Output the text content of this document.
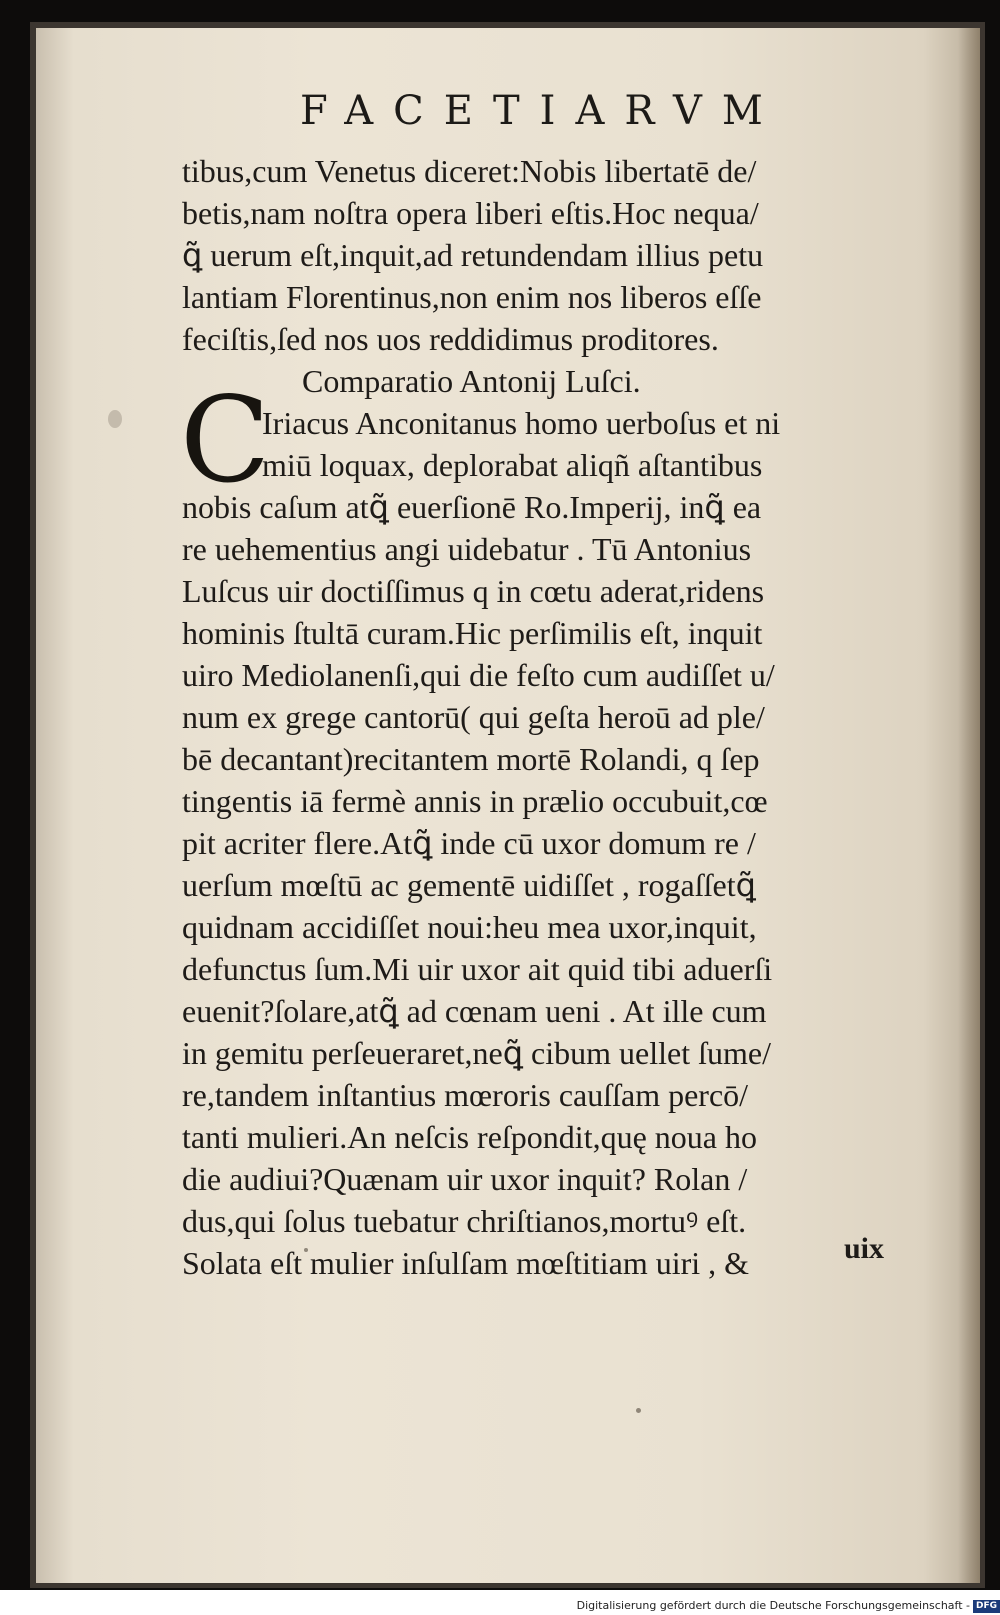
FACETIARVM
C
tibus,cum Venetus diceret:Nobis libertatē de/
betis,nam noſtra opera liberi eſtis.Hoc nequa/
ꝗ̃ uerum eſt,inquit,ad retundendam illius petu
lantiam Florentinus,non enim nos liberos eſſe
feciſtis,ſed nos uos reddidimus proditores.
Comparatio Antonij Luſci.
Iriacus Anconitanus homo uerboſus et ni
miū loquax, deplorabat aliqñ aſtantibus
nobis caſum atꝗ̃ euerſionē Ro.Imperij, inꝗ̃ ea
re uehementius angi uidebatur . Tū Antonius
Luſcus uir doctiſſimus q in cœtu aderat,ridens
hominis ſtultā curam.Hic perſimilis eſt, inquit
uiro Mediolanenſi,qui die feſto cum audiſſet u/
num ex grege cantorū( qui geſta heroū ad ple/
bē decantant)recitantem mortē Rolandi, q ſep
tingentis iā fermè annis in prælio occubuit,cœ
pit acriter flere.Atꝗ̃ inde cū uxor domum re /
uerſum mœſtū ac gementē uidiſſet , rogaſſetꝗ̃
quidnam accidiſſet noui:heu mea uxor,inquit,
defunctus ſum.Mi uir uxor ait quid tibi aduerſi
euenit?ſolare,atꝗ̃ ad cœnam ueni . At ille cum
in gemitu perſeueraret,neꝗ̃ cibum uellet ſume/
re,tandem inſtantius mœroris cauſſam percō/
tanti mulieri.An neſcis reſpondit,quę noua ho
die audiui?Quænam uir uxor inquit? Rolan /
dus,qui ſolus tuebatur chriſtianos,mortuꝰ eſt.
Solata eſt mulier inſulſam mœſtitiam uiri , &	uix
Digitalisierung gefördert durch die Deutsche Forschungsgemeinschaft - DFG
